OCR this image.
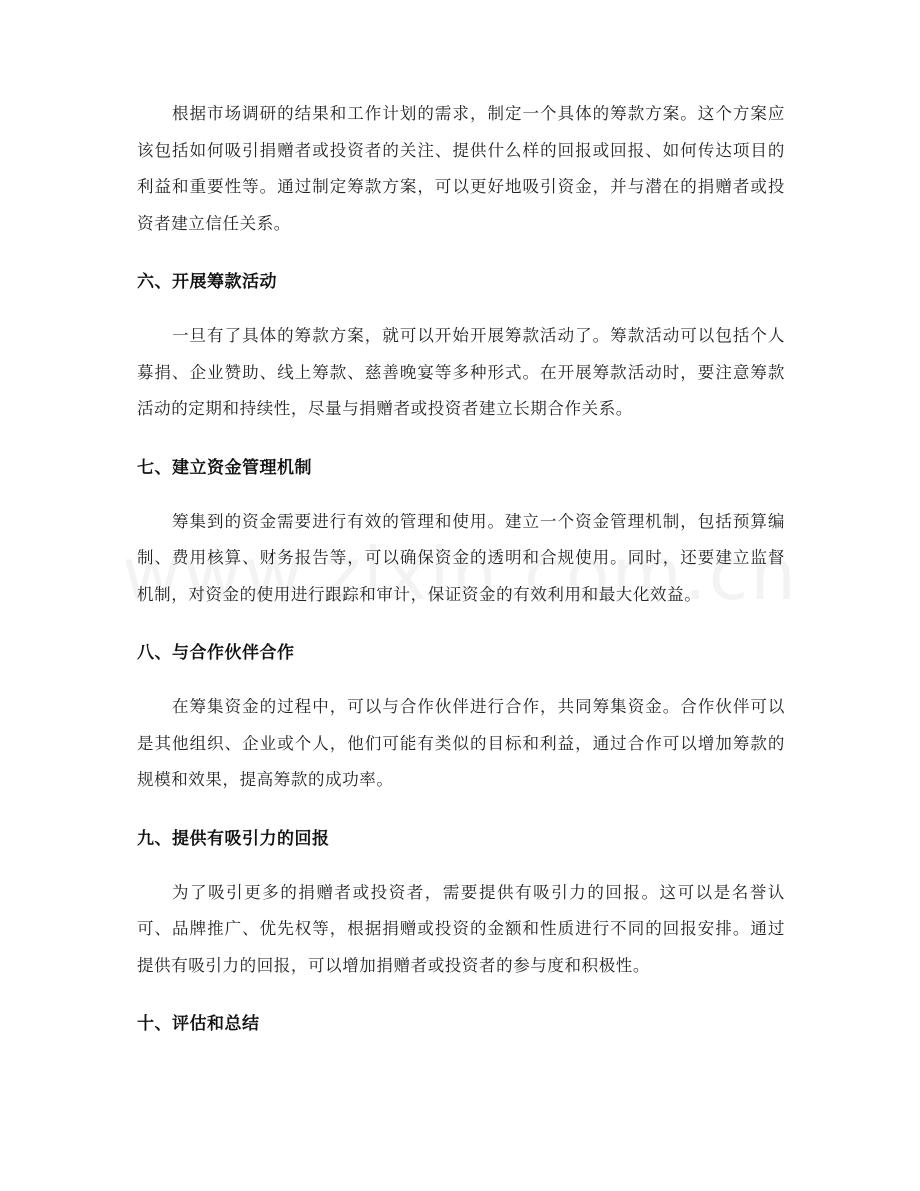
根据市场调研的结果和工作计划的需求，制定一个具体的筹款方案。这个方案应该包括如何吸引捐赠者或投资者的关注、提供什么样的回报或回报、如何传达项目的利益和重要性等。通过制定筹款方案，可以更好地吸引资金，并与潜在的捐赠者或投资者建立信任关系。

六、开展筹款活动

一旦有了具体的筹款方案，就可以开始开展筹款活动了。筹款活动可以包括个人募捐、企业赞助、线上筹款、慈善晚宴等多种形式。在开展筹款活动时，要注意筹款活动的定期和持续性，尽量与捐赠者或投资者建立长期合作关系。

七、建立资金管理机制

筹集到的资金需要进行有效的管理和使用。建立一个资金管理机制，包括预算编制、费用核算、财务报告等，可以确保资金的透明和合规使用。同时，还要建立监督机制，对资金的使用进行跟踪和审计，保证资金的有效利用和最大化效益。

八、与合作伙伴合作

在筹集资金的过程中，可以与合作伙伴进行合作，共同筹集资金。合作伙伴可以是其他组织、企业或个人，他们可能有类似的目标和利益，通过合作可以增加筹款的规模和效果，提高筹款的成功率。

九、提供有吸引力的回报

为了吸引更多的捐赠者或投资者，需要提供有吸引力的回报。这可以是名誉认可、品牌推广、优先权等，根据捐赠或投资的金额和性质进行不同的回报安排。通过提供有吸引力的回报，可以增加捐赠者或投资者的参与度和积极性。

十、评估和总结
